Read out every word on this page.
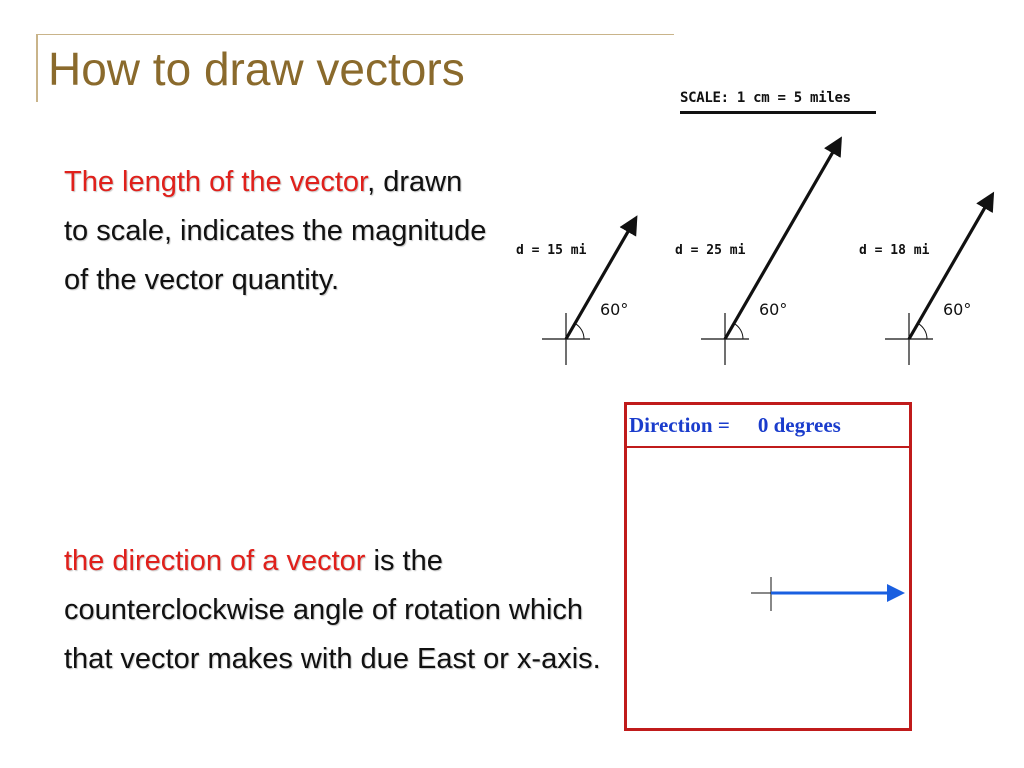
How to draw vectors

The length of the vector, drawn to scale, indicates the magnitude of the vector quantity.

the direction of a vector is the counterclockwise angle of rotation which that vector makes with due East or x-axis.

SCALE: 1 cm = 5 miles
d = 15 mi
60°
d = 25 mi
60°
d = 18 mi
60°
Direction = 0 degrees
